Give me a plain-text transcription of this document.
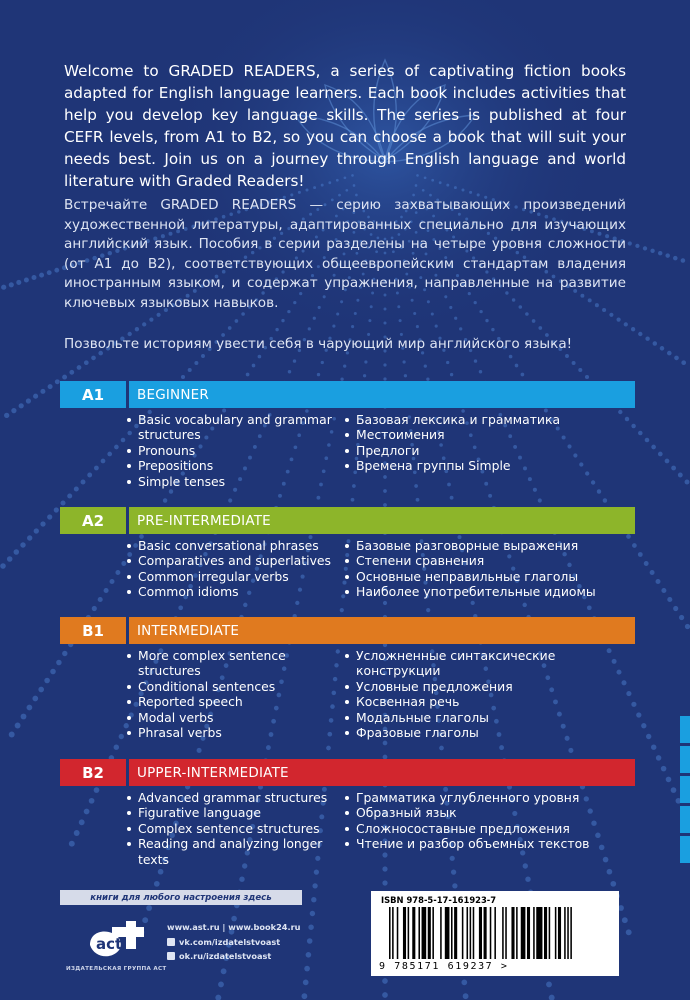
Welcome to GRADED READERS, a series of captivating fiction books adapted for English language learners. Each book includes activities that help you develop key language skills. The series is published at four CEFR levels, from A1 to B2, so you can choose a book that will suit your needs best. Join us on a journey through English language and world literature with Graded Readers!

Встречайте GRADED READERS — серию захватывающих произведений художественной литературы, адаптированных специально для изучающих английский язык. Пособия в серии разделены на четыре уровня сложности (от А1 до В2), соответствующих общеевропейским стандартам владения иностранным языком, и содержат упражнения, направленные на развитие ключевых языковых навыков.

Позвольте историям увести себя в чарующий мир английского языка!

A1	BEGINNER
Basic vocabulary and grammar structures
Pronouns
Prepositions
Simple tenses
Базовая лексика и грамматика
Местоимения
Предлоги
Времена группы Simple
A2	PRE-INTERMEDIATE
Basic conversational phrases
Comparatives and superlatives
Common irregular verbs
Common idioms
Базовые разговорные выражения
Степени сравнения
Основные неправильные глаголы
Наиболее употребительные идиомы
B1	INTERMEDIATE
More complex sentence structures
Conditional sentences
Reported speech
Modal verbs
Phrasal verbs
Усложненные синтаксические конструкции
Условные предложения
Косвенная речь
Модальные глаголы
Фразовые глаголы
B2	UPPER-INTERMEDIATE
Advanced grammar structures
Figurative language
Complex sentence structures
Reading and analyzing longer texts
Грамматика углубленного уровня
Образный язык
Сложносоставные предложения
Чтение и разбор объемных текстов
книги для любого настроения здесь
act
ИЗДАТЕЛЬСКАЯ ГРУППА АСТ
www.ast.ru | www.book24.ru
vk.com/izdatelstvoast
ok.ru/izdatelstvoast
ISBN 978-5-17-161923-7
9 785171 619237 >
